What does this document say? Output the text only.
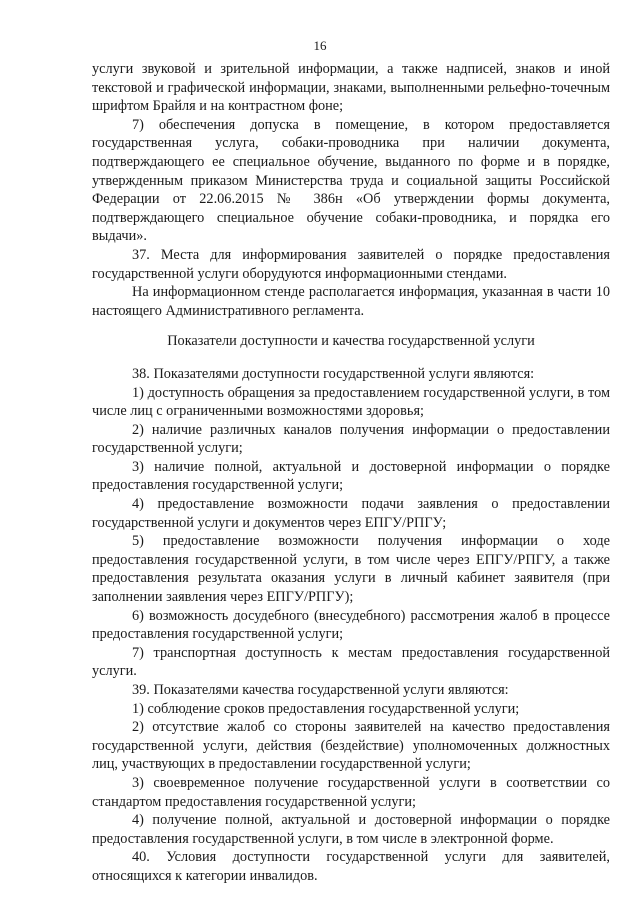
16

услуги звуковой и зрительной информации, а также надписей, знаков и иной текстовой и графической информации, знаками, выполненными рельефно-точечным шрифтом Брайля и на контрастном фоне;

7) обеспечения допуска в помещение, в котором предоставляется государственная услуга, собаки-проводника при наличии документа, подтверждающего ее специальное обучение, выданного по форме и в порядке, утвержденным приказом Министерства труда и социальной защиты Российской Федерации от 22.06.2015 № 386н «Об утверждении формы документа, подтверждающего специальное обучение собаки-проводника, и порядка его выдачи».

37. Места для информирования заявителей о порядке предоставления государственной услуги оборудуются информационными стендами.

На информационном стенде располагается информация, указанная в части 10 настоящего Административного регламента.

Показатели доступности и качества государственной услуги

38. Показателями доступности государственной услуги являются:

1) доступность обращения за предоставлением государственной услуги, в том числе лиц с ограниченными возможностями здоровья;

2) наличие различных каналов получения информации о предоставлении государственной услуги;

3) наличие полной, актуальной и достоверной информации о порядке предоставления государственной услуги;

4) предоставление возможности подачи заявления о предоставлении государственной услуги и документов через ЕПГУ/РПГУ;

5) предоставление возможности получения информации о ходе предоставления государственной услуги, в том числе через ЕПГУ/РПГУ, а также предоставления результата оказания услуги в личный кабинет заявителя (при заполнении заявления через ЕПГУ/РПГУ);

6) возможность досудебного (внесудебного) рассмотрения жалоб в процессе предоставления государственной услуги;

7) транспортная доступность к местам предоставления государственной услуги.

39. Показателями качества государственной услуги являются:

1) соблюдение сроков предоставления государственной услуги;

2) отсутствие жалоб со стороны заявителей на качество предоставления государственной услуги, действия (бездействие) уполномоченных должностных лиц, участвующих в предоставлении государственной услуги;

3) своевременное получение государственной услуги в соответствии со стандартом предоставления государственной услуги;

4) получение полной, актуальной и достоверной информации о порядке предоставления государственной услуги, в том числе в электронной форме.

40. Условия доступности государственной услуги для заявителей, относящихся к категории инвалидов.
